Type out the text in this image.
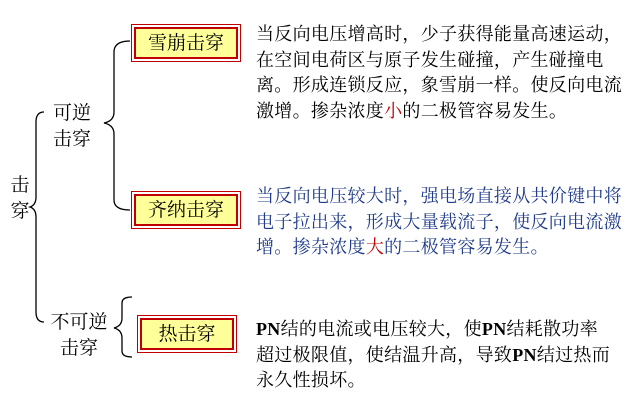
击穿
可逆击穿
不可逆击穿
雪崩击穿
齐纳击穿
热击穿
当反向电压增高时，少子获得能量高速运动，在空间电荷区与原子发生碰撞，产生碰撞电离。形成连锁反应，象雪崩一样。使反向电流激增。掺杂浓度小的二极管容易发生。
当反向电压较大时，强电场直接从共价键中将电子拉出来，形成大量载流子，使反向电流激增。掺杂浓度大的二极管容易发生。
PN结的电流或电压较大，使PN结耗散功率超过极限值，使结温升高，导致PN结过热而永久性损坏。
